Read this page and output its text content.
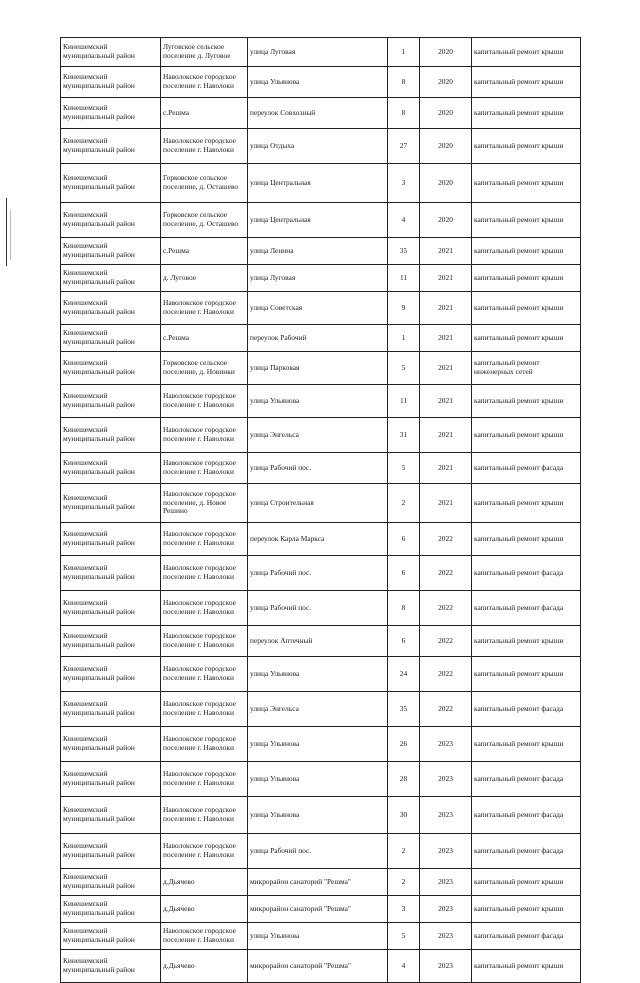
Кинешемский муниципальный район	Луговское сельское поселение д. Луговое	улица Луговая	1	2020	капитальный ремонт крыши
Кинешемский муниципальный район	Наволокское городское поселение г. Наволоки	улица Ульянова	8	2020	капитальный ремонт крыши
Кинешемский муниципальный район	с.Решма	переулок Совхозный	8	2020	капитальный ремонт крыши
Кинешемский муниципальный район	Наволокское городское поселение г. Наволоки	улица Отдыха	27	2020	капитальный ремонт крыши
Кинешемский муниципальный район	Горковское сельское поселение, д. Осташево	улица Центральная	3	2020	капитальный ремонт крыши
Кинешемский муниципальный район	Горковское сельское поселение, д. Осташево	улица Центральная	4	2020	капитальный ремонт крыши
Кинешемский муниципальный район	с.Решма	улица Ленина	35	2021	капитальный ремонт крыши
Кинешемский муниципальный район	д. Луговое	улица Луговая	11	2021	капитальный ремонт крыши
Кинешемский муниципальный район	Наволокское городское поселение г. Наволоки	улица Советская	9	2021	капитальный ремонт крыши
Кинешемский муниципальный район	с.Решма	переулок Рабочий	1	2021	капитальный ремонт крыши
Кинешемский муниципальный район	Горковское сельское поселение, д. Новинки	улица Парковая	5	2021	капитальный ремонт инженерных сетей
Кинешемский муниципальный район	Наволокское городское поселение г. Наволоки	улица Ульянова	11	2021	капитальный ремонт крыши
Кинешемский муниципальный район	Наволокское городское поселение г. Наволоки	улица Энгельса	31	2021	капитальный ремонт крыши
Кинешемский муниципальный район	Наволокское городское поселение г. Наволоки	улица Рабочий пос.	5	2021	капитальный ремонт фасада
Кинешемский муниципальный район	Наволокское городское поселение, д. Новое Решино	улица Строительная	2	2021	капитальный ремонт крыши
Кинешемский муниципальный район	Наволокское городское поселение г. Наволоки	переулок Карла Маркса	6	2022	капитальный ремонт крыши
Кинешемский муниципальный район	Наволокское городское поселение г. Наволоки	улица Рабочий пос.	6	2022	капитальный ремонт фасада
Кинешемский муниципальный район	Наволокское городское поселение г. Наволоки	улица Рабочий пос.	8	2022	капитальный ремонт фасада
Кинешемский муниципальный район	Наволокское городское поселение г. Наволоки	переулок Аптечный	6	2022	капитальный ремонт крыши
Кинешемский муниципальный район	Наволокское городское поселение г. Наволоки	улица Ульянова	24	2022	капитальный ремонт крыши
Кинешемский муниципальный район	Наволокское городское поселение г. Наволоки	улица Энгельса	35	2022	капитальный ремонт фасада
Кинешемский муниципальный район	Наволокское городское поселение г. Наволоки	улица Ульянова	26	2023	капитальный ремонт крыши
Кинешемский муниципальный район	Наволокское городское поселение г. Наволоки	улица Ульянова	28	2023	капитальный ремонт фасада
Кинешемский муниципальный район	Наволокское городское поселение г. Наволоки	улица Ульянова	30	2023	капитальный ремонт фасада
Кинешемский муниципальный район	Наволокское городское поселение г. Наволоки	улица Рабочий пос.	2	2023	капитальный ремонт фасада
Кинешемский муниципальный район	д.Дьячево	микрорайон санаторий "Решма"	2	2023	капитальный ремонт крыши
Кинешемский муниципальный район	д.Дьячево	микрорайон санаторий "Решма"	3	2023	капитальный ремонт крыши
Кинешемский муниципальный район	Наволокское городское поселение г. Наволоки	улица Ульянова	5	2023	капитальный ремонт фасада
Кинешемский муниципальный район	д.Дьячево	микрорайон санаторий "Решма"	4	2023	капитальный ремонт крыши
